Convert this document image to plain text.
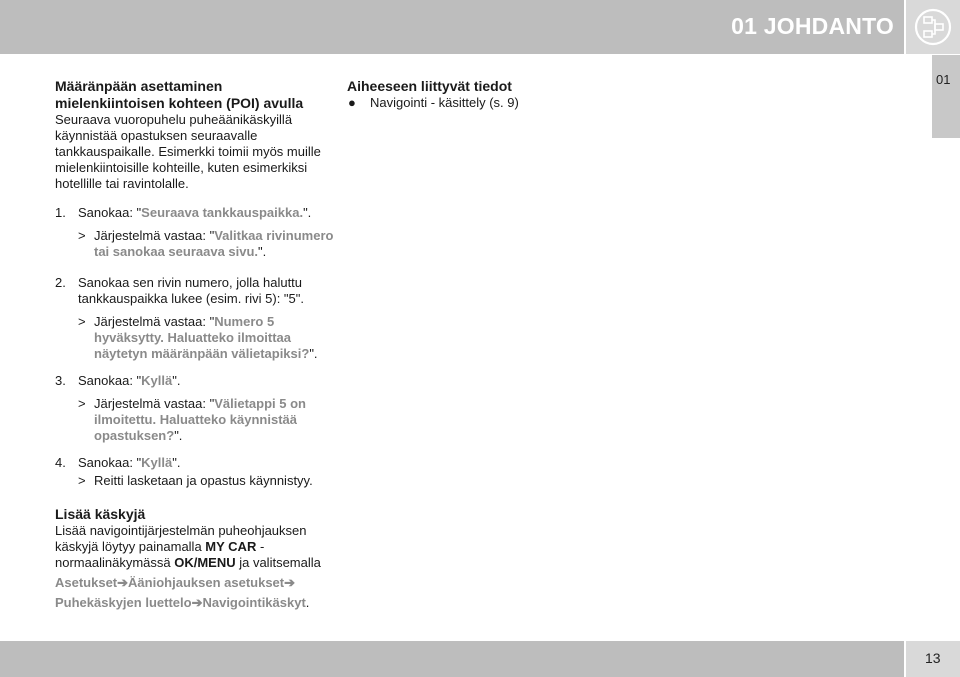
01 JOHDANTO
01
Määränpään asettaminen
mielenkiintoisen kohteen (POI) avulla

Seuraava vuoropuhelu puheäänikäskyillä käynnistää opastuksen seuraavalle tankkauspaikalle. Esimerkki toimii myös muille mielenkiintoisille kohteille, kuten esimerkiksi hotellille tai ravintolalle.

1. Sanokaa: "Seuraava tankkauspaikka.".
> Järjestelmä vastaa: "Valitkaa rivinumero tai sanokaa seuraava sivu.".
2. Sanokaa sen rivin numero, jolla haluttu tankkauspaikka lukee (esim. rivi 5): "5".
> Järjestelmä vastaa: "Numero 5 hyväksytty. Haluatteko ilmoittaa näytetyn määränpään välietapiksi?".
3. Sanokaa: "Kyllä".
> Järjestelmä vastaa: "Välietappi 5 on ilmoitettu. Haluatteko käynnistää opastuksen?".
4. Sanokaa: "Kyllä".
> Reitti lasketaan ja opastus käynnistyy.
Lisää käskyjä

Lisää navigointijärjestelmän puheohjauksen käskyjä löytyy painamalla MY CAR -normaalinäkymässä OK/MENU ja valitsemalla

Asetukset➔Ääniohjauksen asetukset➔
Puhekäskyjen luettelo➔Navigointikäskyt.

Aiheeseen liittyvät tiedot
● Navigointi - käsittely (s. 9)
13
